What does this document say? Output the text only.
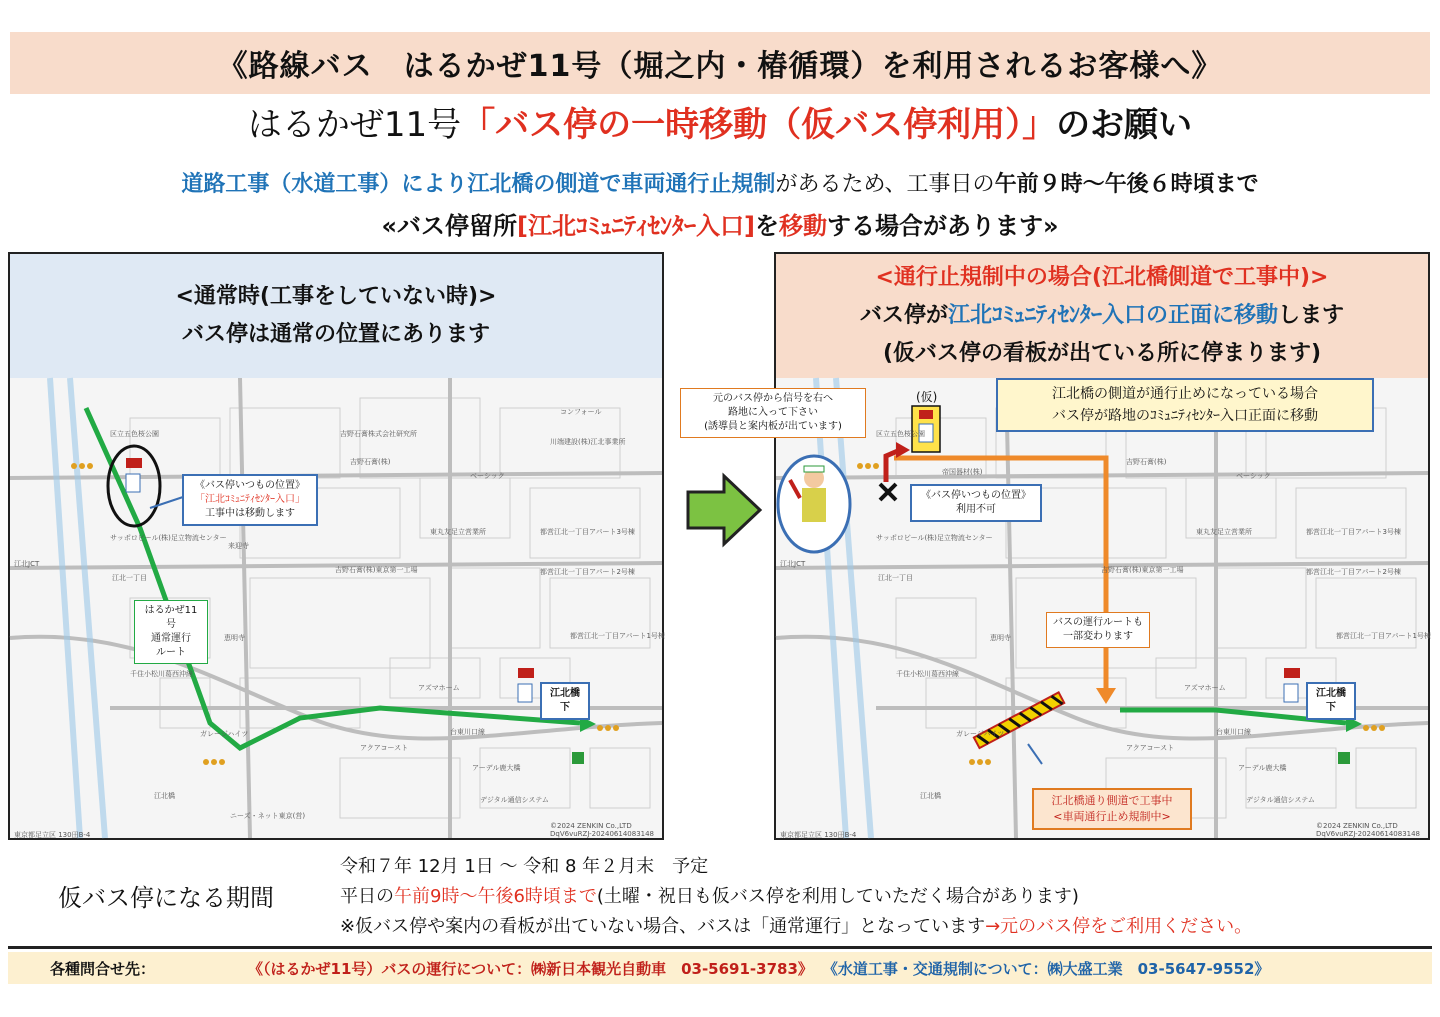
《路線バス　はるかぜ11号（堀之内・椿循環）を利用されるお客様へ》
はるかぜ11号「バス停の一時移動（仮バス停利用）」のお願い
道路工事（水道工事）により江北橋の側道で車両通行止規制があるため、工事日の午前９時〜午後６時頃まで
«バス停留所[江北ｺﾐｭﾆﾃｨｾﾝﾀｰ入口]を移動する場合があります»
<通常時(工事をしていない時)>
バス停は通常の位置にあります
区立五色桜公園	吉野石膏株式会社研究所
コンフォール
川端建設(株)江北事業所
吉野石膏(株)
ベーシック
東丸友足立営業所
サッポロビール(株)足立物流センター
来迎寺
都営江北一丁目アパート3号棟
江北JCT
江北一丁目
吉野石膏(株)東京第一工場	都営江北一丁目アパート2号棟
恵明寺	都営江北一丁目アパート1号棟
千住小松川葛西沖線
アズマホーム
ガレージハイツ	台東川口線
アクアコースト
アーデル鹿大橋
江北橋	デジタル通信システム
ニーズ・ネット東京(営)
《バス停いつもの位置》
「江北ｺﾐｭﾆﾃｨｾﾝﾀｰ入口」
工事中は移動します
はるかぜ11号
通常運行
ルート
江北橋下
©2024 ZENKIN Co.,LTD
DqV6vuRZJ-20240614083148
東京都足立区 130田B-4
<通行止規制中の場合(江北橋側道で工事中)>
バス停が江北ｺﾐｭﾆﾃｨｾﾝﾀｰ入口の正面に移動します
(仮バス停の看板が出ている所に停まります)
区立五色桜公園
帝国器材(株)
吉野石膏(株)
ベーシック
東丸友足立営業所
サッポロビール(株)足立物流センター
都営江北一丁目アパート3号棟
江北JCT
江北一丁目
吉野石膏(株)東京第一工場	都営江北一丁目アパート2号棟
恵明寺	都営江北一丁目アパート1号棟
千住小松川葛西沖線
アズマホーム
ガレージハイツ	台東川口線
アクアコースト
アーデル鹿大橋
江北橋	デジタル通信システム
元のバス停から信号を右へ
路地に入って下さい
(誘導員と案内板が出ています)
(仮)	江北橋の側道が通行止めになっている場合
バス停が路地のｺﾐｭﾆﾃｨｾﾝﾀｰ入口正面に移動
《バス停いつもの位置》
利用不可
バスの運行ルートも
一部変わります
江北橋下
江北橋通り側道で工事中
<車両通行止め規制中>
©2024 ZENKIN Co.,LTD
DqV6vuRZJ-20240614083148
東京都足立区 130田B-4
仮バス停になる期間
令和７年 12月 1日 〜 令和 8 年２月末　予定
平日の午前9時〜午後6時頃まで(土曜・祝日も仮バス停を利用していただく場合があります)
※仮バス停や案内の看板が出ていない場合、バスは「通常運行」となっています→元のバス停をご利用ください。
各種問合せ先：	《（はるかぜ11号）バスの運行について：㈱新日本観光自動車　03-5691-3783》 《水道工事・交通規制について：㈱大盛工業　03-5647-9552》
